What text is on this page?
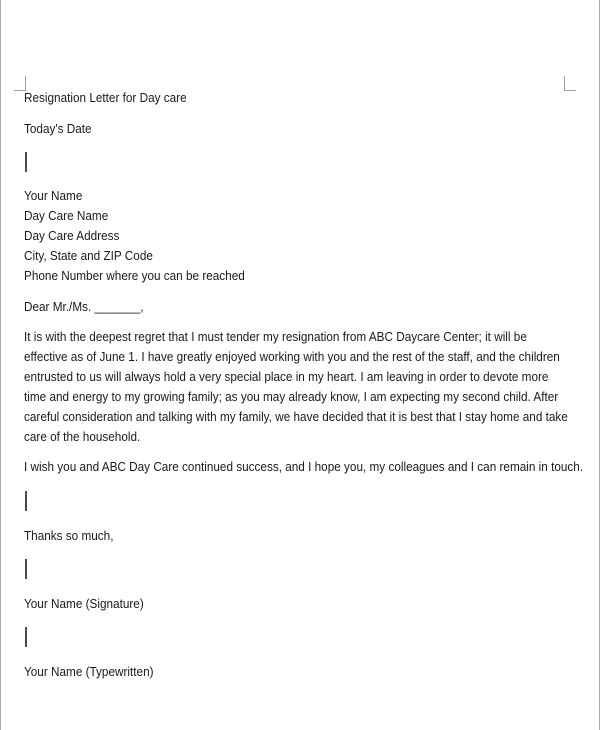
Resignation Letter for Day care
Today's Date
Your Name
Day Care Name
Day Care Address
City, State and ZIP Code
Phone Number where you can be reached
Dear Mr./Ms. _______,
It is with the deepest regret that I must tender my resignation from ABC Daycare Center; it will be
effective as of June 1. I have greatly enjoyed working with you and the rest of the staff, and the children
entrusted to us will always hold a very special place in my heart. I am leaving in order to devote more
time and energy to my growing family; as you may already know, I am expecting my second child. After
careful consideration and talking with my family, we have decided that it is best that I stay home and take
care of the household.
I wish you and ABC Day Care continued success, and I hope you, my colleagues and I can remain in touch.
Thanks so much,
Your Name (Signature)
Your Name (Typewritten)
